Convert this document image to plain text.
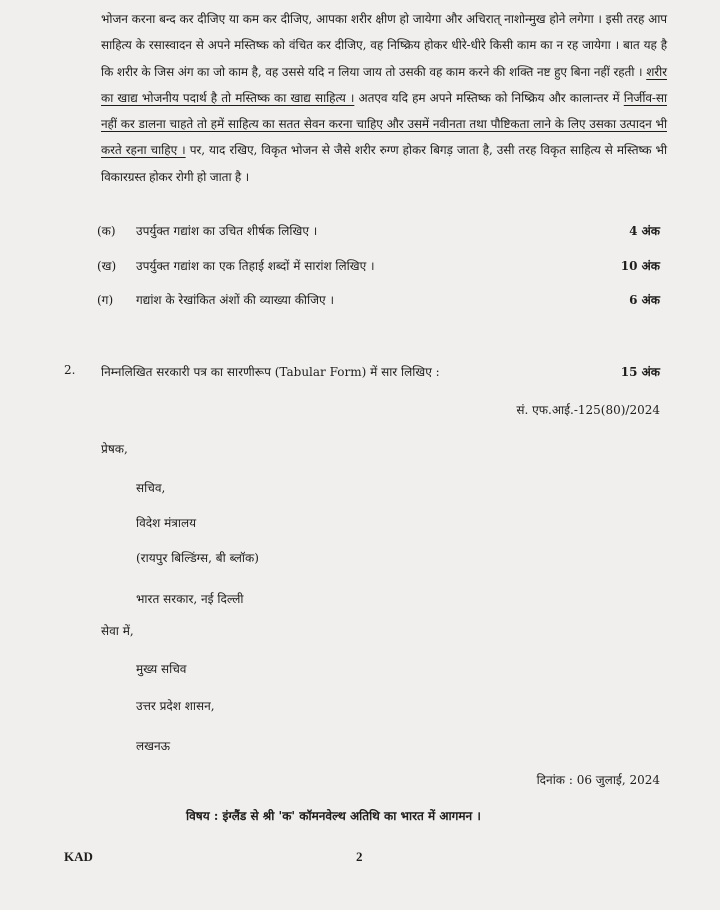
भोजन करना बन्द कर दीजिए या कम कर दीजिए, आपका शरीर क्षीण हो जायेगा और अचिरात् नाशोन्मुख होने लगेगा । इसी तरह आप साहित्य के रसास्वादन से अपने मस्तिष्क को वंचित कर दीजिए, वह निष्क्रिय होकर धीरे-धीरे किसी काम का न रह जायेगा । बात यह है कि शरीर के जिस अंग का जो काम है, वह उससे यदि न लिया जाय तो उसकी वह काम करने की शक्ति नष्ट हुए बिना नहीं रहती । शरीर का खाद्य भोजनीय पदार्थ है तो मस्तिष्क का खाद्य साहित्य । अतएव यदि हम अपने मस्तिष्क को निष्क्रिय और कालान्तर में निर्जीव-सा नहीं कर डालना चाहते तो हमें साहित्य का सतत सेवन करना चाहिए और उसमें नवीनता तथा पौष्टिकता लाने के लिए उसका उत्पादन भी करते रहना चाहिए । पर, याद रखिए, विकृत भोजन से जैसे शरीर रुग्ण होकर बिगड़ जाता है, उसी तरह विकृत साहित्य से मस्तिष्क भी विकारग्रस्त होकर रोगी हो जाता है ।
(क) उपर्युक्त गद्यांश का उचित शीर्षक लिखिए ।	4 अंक
(ख) उपर्युक्त गद्यांश का एक तिहाई शब्दों में सारांश लिखिए ।	10 अंक
(ग) गद्यांश के रेखांकित अंशों की व्याख्या कीजिए ।	6 अंक
2. निम्नलिखित सरकारी पत्र का सारणीरूप (Tabular Form) में सार लिखिए :	15 अंक
सं. एफ.आई.-125(80)/2024
प्रेषक,
सचिव,
विदेश मंत्रालय
(रायपुर बिल्डिंग्स, बी ब्लॉक)
भारत सरकार, नई दिल्ली
सेवा में,
मुख्य सचिव
उत्तर प्रदेश शासन,
लखनऊ
दिनांक : 06 जुलाई, 2024
विषय : इंग्लैंड से श्री 'क' कॉमनवेल्थ अतिथि का भारत में आगमन ।
KAD	2
